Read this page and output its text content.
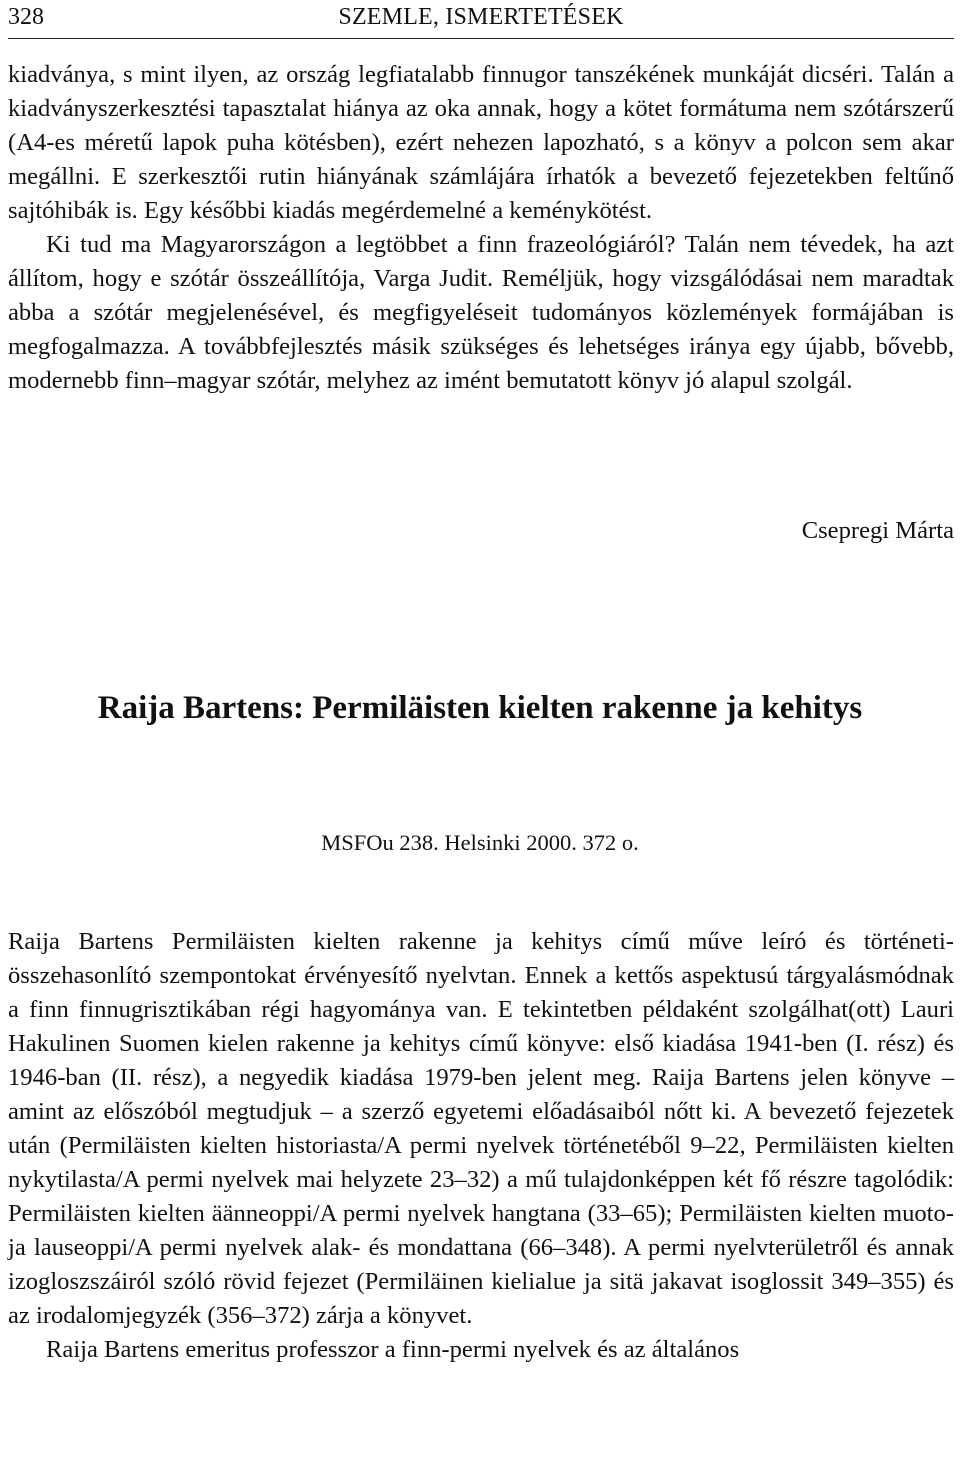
328	SZEMLE, ISMERTETÉSEK

kiadványa, s mint ilyen, az ország legfiatalabb finnugor tanszékének munkáját dicséri. Talán a kiadványszerkesztési tapasztalat hiánya az oka annak, hogy a kötet formátuma nem szótárszerű (A4-es méretű lapok puha kötésben), ezért nehezen lapozható, s a könyv a polcon sem akar megállni. E szerkesztői rutin hiányának számlájára írhatók a bevezető fejezetekben feltűnő sajtóhibák is. Egy későbbi kiadás megérdemelné a keménykötést.

Ki tud ma Magyarországon a legtöbbet a finn frazeológiáról? Talán nem tévedek, ha azt állítom, hogy e szótár összeállítója, Varga Judit. Reméljük, hogy vizsgálódásai nem maradtak abba a szótár megjelenésével, és megfigyeléseit tudományos közlemények formájában is megfogalmazza. A továbbfejlesztés másik szükséges és lehetséges iránya egy újabb, bővebb, modernebb finn–magyar szótár, melyhez az imént bemutatott könyv jó alapul szolgál.

Csepregi Márta
Raija Bartens: Permiläisten kielten rakenne ja kehitys
MSFOu 238. Helsinki 2000. 372 o.

Raija Bartens Permiläisten kielten rakenne ja kehitys című műve leíró és történeti-összehasonlító szempontokat érvényesítő nyelvtan. Ennek a kettős aspektusú tárgyalásmódnak a finn finnugrisztikában régi hagyománya van. E tekintetben példaként szolgálhat(ott) Lauri Hakulinen Suomen kielen rakenne ja kehitys című könyve: első kiadása 1941-ben (I. rész) és 1946-ban (II. rész), a negyedik kiadása 1979-ben jelent meg. Raija Bartens jelen könyve – amint az előszóból megtudjuk – a szerző egyetemi előadásaiból nőtt ki. A bevezető fejezetek után (Permiläisten kielten historiasta/A permi nyelvek történetéből 9–22, Permiläisten kielten nykytilasta/A permi nyelvek mai helyzete 23–32) a mű tulajdonképpen két fő részre tagolódik: Permiläisten kielten äänneoppi/A permi nyelvek hangtana (33–65); Permiläisten kielten muoto- ja lauseoppi/A permi nyelvek alak- és mondattana (66–348). A permi nyelvterületről és annak izogloszszáiról szóló rövid fejezet (Permiläinen kielialue ja sitä jakavat isoglossit 349–355) és az irodalomjegyzék (356–372) zárja a könyvet.

Raija Bartens emeritus professzor a finn-permi nyelvek és az általános
